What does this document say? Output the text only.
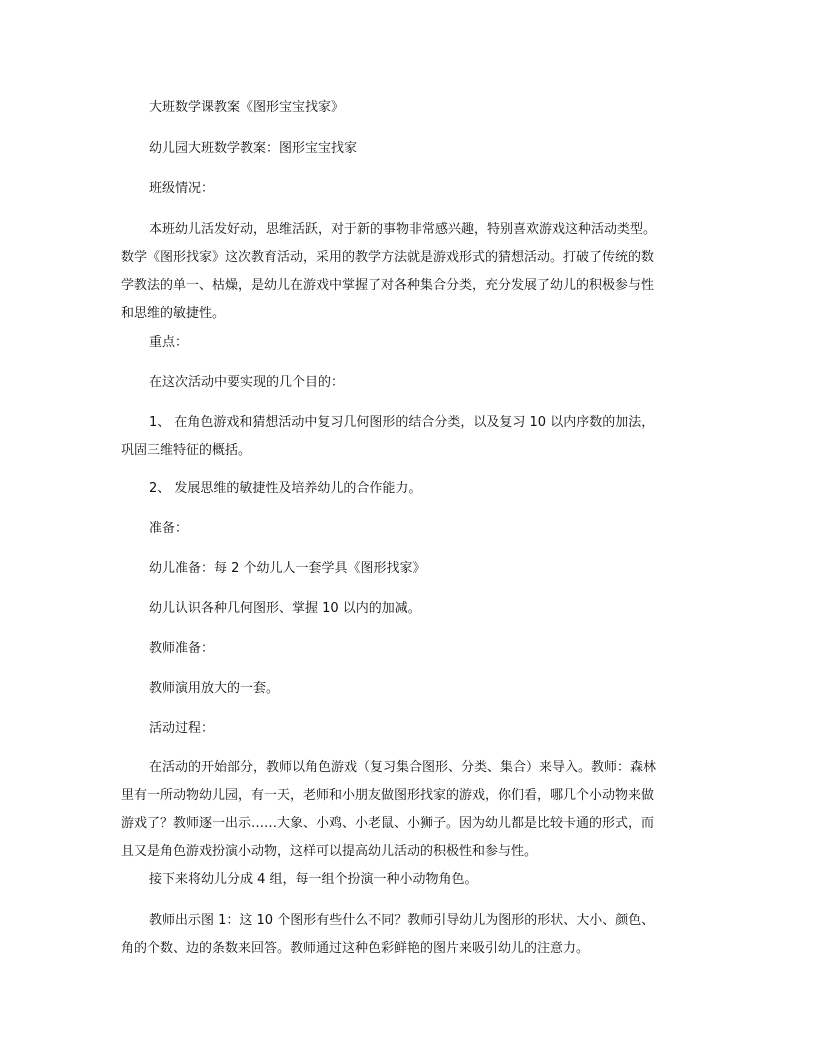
大班数学课教案《图形宝宝找家》

幼儿园大班数学教案：图形宝宝找家

班级情况：

本班幼儿活发好动，思维活跃，对于新的事物非常感兴趣，特别喜欢游戏这种活动类型。
数学《图形找家》这次教育活动，采用的教学方法就是游戏形式的猜想活动。打破了传统的数
学教法的单一、枯燥，是幼儿在游戏中掌握了对各种集合分类，充分发展了幼儿的积极参与性
和思维的敏捷性。

重点：

在这次活动中要实现的几个目的：

1、 在角色游戏和猜想活动中复习几何图形的结合分类，以及复习 10 以内序数的加法，
巩固三维特征的概括。

2、 发展思维的敏捷性及培养幼儿的合作能力。

准备：

幼儿准备：每 2 个幼儿人一套学具《图形找家》

幼儿认识各种几何图形、掌握 10 以内的加减。

教师准备：

教师演用放大的一套。

活动过程：

在活动的开始部分，教师以角色游戏（复习集合图形、分类、集合）来导入。教师：森林
里有一所动物幼儿园，有一天，老师和小朋友做图形找家的游戏，你们看，哪几个小动物来做
游戏了？教师逐一出示……大象、小鸡、小老鼠、小狮子。因为幼儿都是比较卡通的形式，而
且又是角色游戏扮演小动物，这样可以提高幼儿活动的积极性和参与性。

接下来将幼儿分成 4 组，每一组个扮演一种小动物角色。

教师出示图 1：这 10 个图形有些什么不同？教师引导幼儿为图形的形状、大小、颜色、
角的个数、边的条数来回答。教师通过这种色彩鲜艳的图片来吸引幼儿的注意力。
